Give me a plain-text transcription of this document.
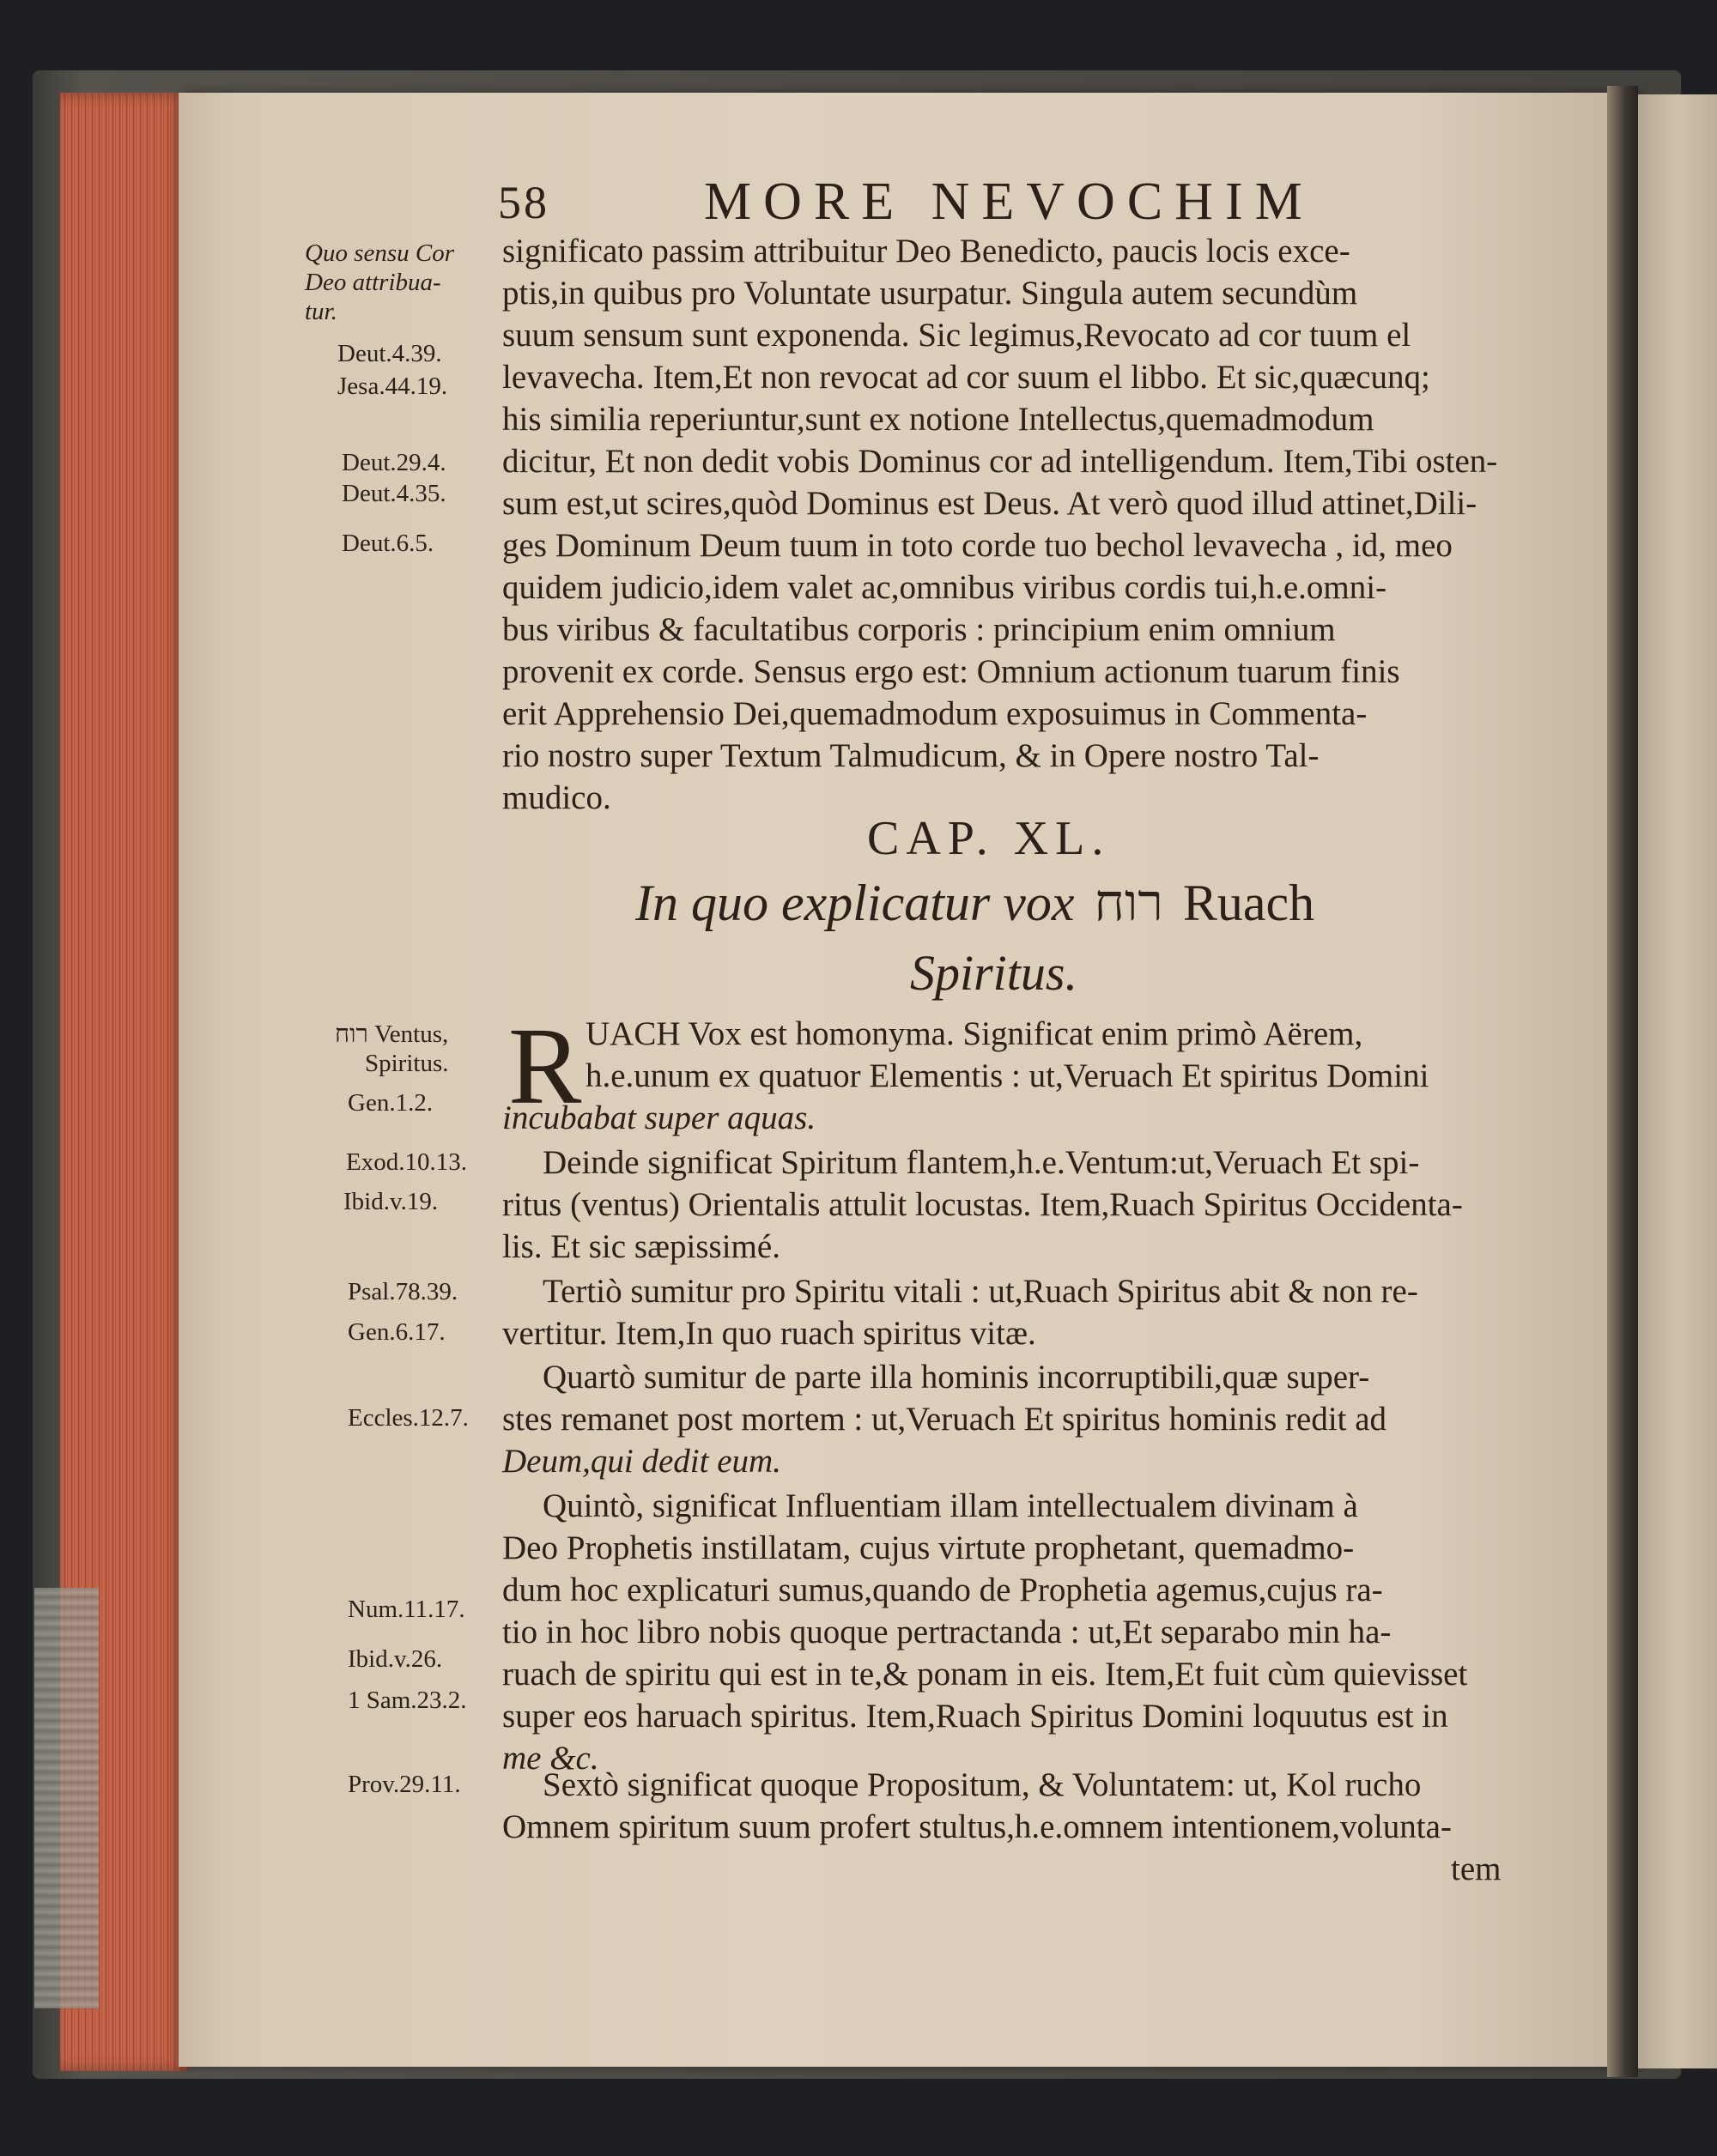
58	MORE NEVOCHIM
Quo sensu Cor
Deo attribua-
tur.
Deut.4.39.
Jesa.44.19.
Deut.29.4.
Deut.4.35.
Deut.6.5.
רוח Ventus,
Spiritus.
Gen.1.2.
Exod.10.13.
Ibid.v.19.
Psal.78.39.
Gen.6.17.
Eccles.12.7.
Num.11.17.
Ibid.v.26.
1 Sam.23.2.
Prov.29.11.
significato passim attribuitur Deo Benedicto, paucis locis exce-
ptis,in quibus pro Voluntate usurpatur. Singula autem secundùm
suum sensum sunt exponenda. Sic legimus,Revocato ad cor tuum el
levavecha. Item,Et non revocat ad cor suum el libbo. Et sic,quæcunq;
his similia reperiuntur,sunt ex notione Intellectus,quemadmodum
dicitur, Et non dedit vobis Dominus cor ad intelligendum. Item,Tibi osten-
sum est,ut scires,quòd Dominus est Deus. At verò quod illud attinet,Dili-
ges Dominum Deum tuum in toto corde tuo bechol levavecha , id, meo
quidem judicio,idem valet ac,omnibus viribus cordis tui,h.e.omni-
bus viribus & facultatibus corporis : principium enim omnium
provenit ex corde. Sensus ergo est: Omnium actionum tuarum finis
erit Apprehensio Dei,quemadmodum exposuimus in Commenta-
rio nostro super Textum Talmudicum, & in Opere nostro Tal-
mudico.
CAP. XL.
In quo explicatur vox רוח Ruach
Spiritus.
R UACH Vox est homonyma. Significat enim primò Aërem,
h.e.unum ex quatuor Elementis : ut,Veruach Et spiritus Domini
incubabat super aquas.
Deinde significat Spiritum flantem,h.e.Ventum:ut,Veruach Et spi-
ritus (ventus) Orientalis attulit locustas. Item,Ruach Spiritus Occidenta-
lis. Et sic sæpissimé.
Tertiò sumitur pro Spiritu vitali : ut,Ruach Spiritus abit & non re-
vertitur. Item,In quo ruach spiritus vitæ.
Quartò sumitur de parte illa hominis incorruptibili,quæ super-
stes remanet post mortem : ut,Veruach Et spiritus hominis redit ad
Deum,qui dedit eum.
Quintò, significat Influentiam illam intellectualem divinam à
Deo Prophetis instillatam, cujus virtute prophetant, quemadmo-
dum hoc explicaturi sumus,quando de Prophetia agemus,cujus ra-
tio in hoc libro nobis quoque pertractanda : ut,Et separabo min ha-
ruach de spiritu qui est in te,& ponam in eis. Item,Et fuit cùm quievisset
super eos haruach spiritus. Item,Ruach Spiritus Domini loquutus est in
me &c.
Sextò significat quoque Propositum, & Voluntatem: ut, Kol rucho
Omnem spiritum suum profert stultus,h.e.omnem intentionem,volunta-
tem
